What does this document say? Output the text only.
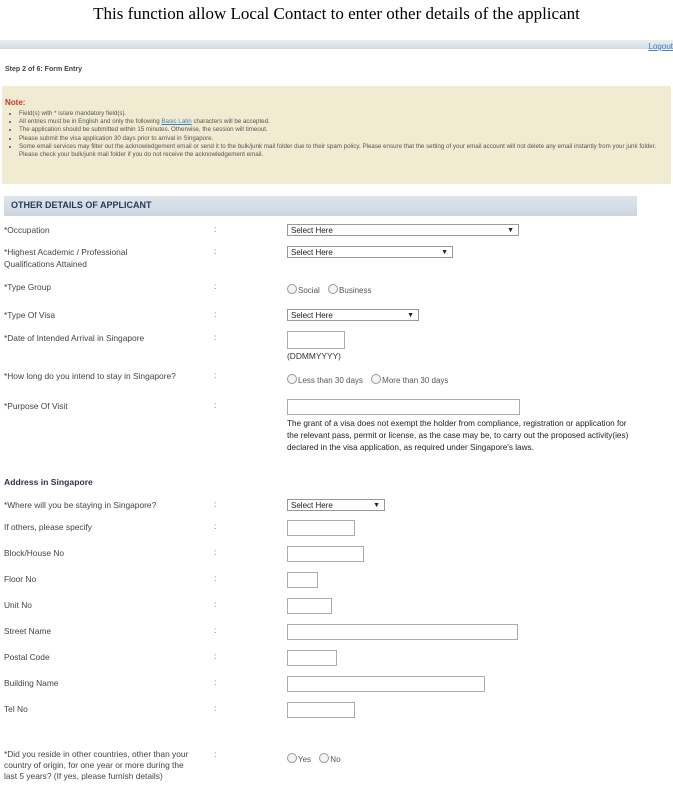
This function allow Local Contact to enter other details of the applicant
Logout
Step 2 of 6: Form Entry
Note:
• Field(s) with * is/are mandatory field(s).
• All entries must be in English and only the following Basic Latin characters will be accepted.
• The application should be submitted within 15 minutes. Otherwise, the session will timeout.
• Please submit the visa application 30 days prior to arrival in Singapore.
• Some email services may filter out the acknowledgement email or send it to the bulk/junk mail folder due to their spam policy. Please ensure that the setting of your email account will not delete any email instantly from your junk folder. Please check your bulk/junk mail folder if you do not receive the acknowledgement email.
OTHER DETAILS OF APPLICANT
*Occupation	:	Select Here	▼
*Highest Academic / Professional Qualifications Attained
:	Select Here	▼
*Type Group	:	Social Business
*Type Of Visa	:	Select Here	▼
*Date of Intended Arrival in Singapore	:
(DDMMYYYY)
*How long do you intend to stay in Singapore?	:
Less than 30 days More than 30 days
*Purpose Of Visit	:
The grant of a visa does not exempt the holder from compliance, registration or application for the relevant pass, permit or license, as the case may be, to carry out the proposed activity(ies) declared in the visa application, as required under Singapore's laws.
Address in Singapore
*Where will you be staying in Singapore?	:	Select Here	▼
If others, please specify	:
Block/House No	:
Floor No	:
Unit No	:
Street Name	:
Postal Code	:
Building Name	:
Tel No	:
*Did you reside in other countries, other than your country of origin, for one year or more during the last 5 years? (If yes, please furnish details)
:
Yes No
